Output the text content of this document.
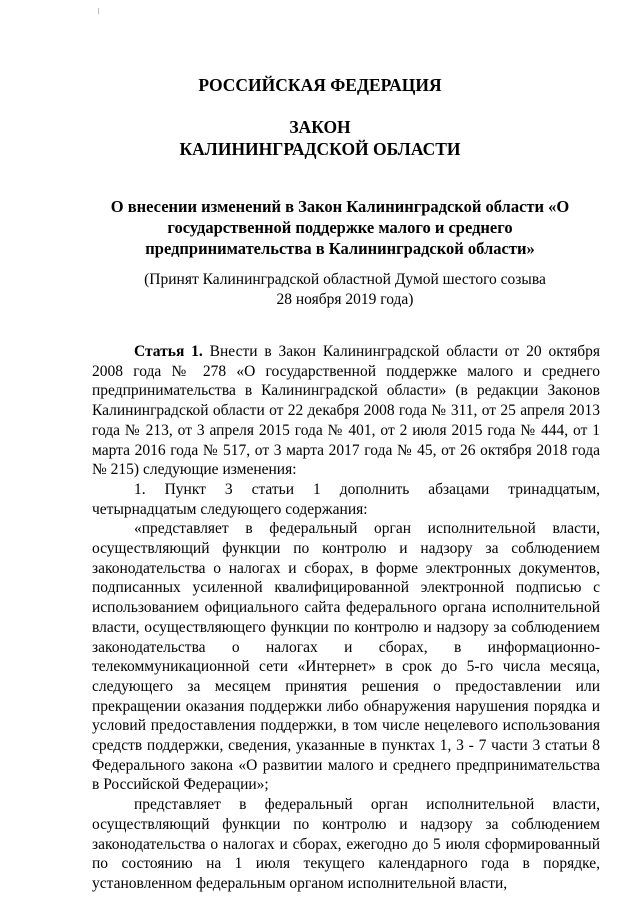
РОССИЙСКАЯ ФЕДЕРАЦИЯ
ЗАКОН
КАЛИНИНГРАДСКОЙ ОБЛАСТИ
О внесении изменений в Закон Калининградской области «О государственной поддержке малого и среднего предпринимательства в Калининградской области»
(Принят Калининградской областной Думой шестого созыва
28 ноября 2019 года)

Статья 1. Внести в Закон Калининградской области от 20 октября 2008 года № 278 «О государственной поддержке малого и среднего предпринимательства в Калининградской области» (в редакции Законов Калининградской области от 22 декабря 2008 года № 311, от 25 апреля 2013 года № 213, от 3 апреля 2015 года № 401, от 2 июля 2015 года № 444, от 1 марта 2016 года № 517, от 3 марта 2017 года № 45, от 26 октября 2018 года № 215) следующие изменения:

1. Пункт 3 статьи 1 дополнить абзацами тринадцатым, четырнадцатым следующего содержания:

«представляет в федеральный орган исполнительной власти, осуществляющий функции по контролю и надзору за соблюдением законодательства о налогах и сборах, в форме электронных документов, подписанных усиленной квалифицированной электронной подписью с использованием официального сайта федерального органа исполнительной власти, осуществляющего функции по контролю и надзору за соблюдением законодательства о налогах и сборах, в информационно-телекоммуникационной сети «Интернет» в срок до 5-го числа месяца, следующего за месяцем принятия решения о предоставлении или прекращении оказания поддержки либо обнаружения нарушения порядка и условий предоставления поддержки, в том числе нецелевого использования средств поддержки, сведения, указанные в пунктах 1, 3 - 7 части 3 статьи 8 Федерального закона «О развитии малого и среднего предпринимательства в Российской Федерации»;

представляет в федеральный орган исполнительной власти, осуществляющий функции по контролю и надзору за соблюдением законодательства о налогах и сборах, ежегодно до 5 июля сформированный по состоянию на 1 июля текущего календарного года в порядке, установленном федеральным органом исполнительной власти,
